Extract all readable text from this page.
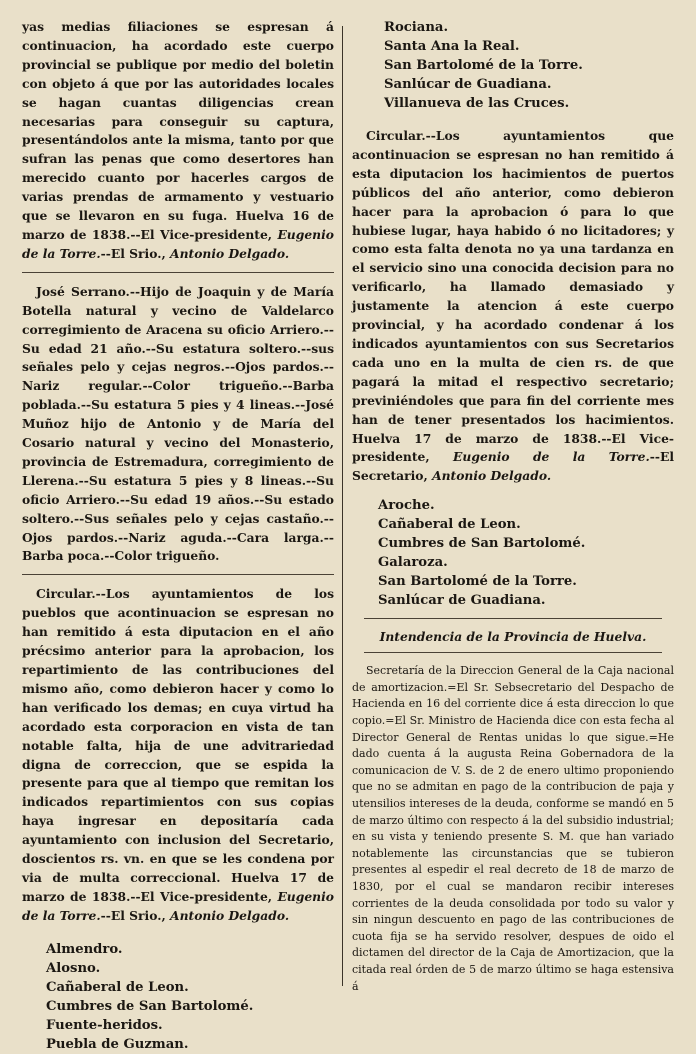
yas medias filiaciones se espresan á continuacion, ha acordado este cuerpo provincial se publique por medio del boletin con objeto á que por las autoridades locales se hagan cuantas diligencias crean necesarias para conseguir su captura, presentándolos ante la misma, tanto por que sufran las penas que como desertores han merecido cuanto por hacerles cargos de varias prendas de armamento y vestuario que se llevaron en su fuga. Huelva 16 de marzo de 1838.--El Vice-presidente, Eugenio de la Torre.--El Srio., Antonio Delgado.

José Serrano.--Hijo de Joaquin y de María Botella natural y vecino de Valdelarco corregimiento de Aracena su oficio Arriero.--Su edad 21 año.--Su estatura soltero.--sus señales pelo y cejas negros.--Ojos pardos.--Nariz regular.--Color trigueño.--Barba poblada.--Su estatura 5 pies y 4 lineas.--José Muñoz hijo de Antonio y de María del Cosario natural y vecino del Monasterio, provincia de Estremadura, corregimiento de Llerena.--Su estatura 5 pies y 8 lineas.--Su oficio Arriero.--Su edad 19 años.--Su estado soltero.--Sus señales pelo y cejas castaño.--Ojos pardos.--Nariz aguda.--Cara larga.--Barba poca.--Color trigueño.

Circular.--Los ayuntamientos de los pueblos que acontinuacion se espresan no han remitido á esta diputacion en el año précsimo anterior para la aprobacion, los repartimiento de las contribuciones del mismo año, como debieron hacer y como lo han verificado los demas; en cuya virtud ha acordado esta corporacion en vista de tan notable falta, hija de une advitrariedad digna de correccion, que se espida la presente para que al tiempo que remitan los indicados repartimientos con sus copias haya ingresar en depositaría cada ayuntamiento con inclusion del Secretario, doscientos rs. vn. en que se les condena por via de multa correccional. Huelva 17 de marzo de 1838.--El Vice-presidente, Eugenio de la Torre.--El Srio., Antonio Delgado.

Almendro.
Alosno.
Cañaberal de Leon.
Cumbres de San Bartolomé.
Fuente-heridos.
Puebla de Guzman.
Rociana.
Santa Ana la Real.
San Bartolomé de la Torre.
Sanlúcar de Guadiana.
Villanueva de las Cruces.

Circular.--Los ayuntamientos que acontinuacion se espresan no han remitido á esta diputacion los hacimientos de puertos públicos del año anterior, como debieron hacer para la aprobacion ó para lo que hubiese lugar, haya habido ó no licitadores; y como esta falta denota no ya una tardanza en el servicio sino una conocida decision para no verificarlo, ha llamado demasiado y justamente la atencion á este cuerpo provincial, y ha acordado condenar á los indicados ayuntamientos con sus Secretarios cada uno en la multa de cien rs. de que pagará la mitad el respectivo secretario; previniéndoles que para fin del corriente mes han de tener presentados los hacimientos. Huelva 17 de marzo de 1838.--El Vice-presidente, Eugenio de la Torre.--El Secretario, Antonio Delgado.

Aroche.
Cañaberal de Leon.
Cumbres de San Bartolomé.
Galaroza.
San Bartolomé de la Torre.
Sanlúcar de Guadiana.
Intendencia de la Provincia de Huelva.

Secretaría de la Direccion General de la Caja nacional de amortizacion.=El Sr. Sebsecretario del Despacho de Hacienda en 16 del corriente dice á esta direccion lo que copio.=El Sr. Ministro de Hacienda dice con esta fecha al Director General de Rentas unidas lo que sigue.=He dado cuenta á la augusta Reina Gobernadora de la comunicacion de V. S. de 2 de enero ultimo proponiendo que no se admitan en pago de la contribucion de paja y utensilios intereses de la deuda, conforme se mandó en 5 de marzo último con respecto á la del subsidio industrial; en su vista y teniendo presente S. M. que han variado notablemente las circunstancias que se tubieron presentes al espedir el real decreto de 18 de marzo de 1830, por el cual se mandaron recibir intereses corrientes de la deuda consolidada por todo su valor y sin ningun descuento en pago de las contribuciones de cuota fija se ha servido resolver, despues de oido el dictamen del director de la Caja de Amortizacion, que la citada real órden de 5 de marzo último se haga estensiva á
